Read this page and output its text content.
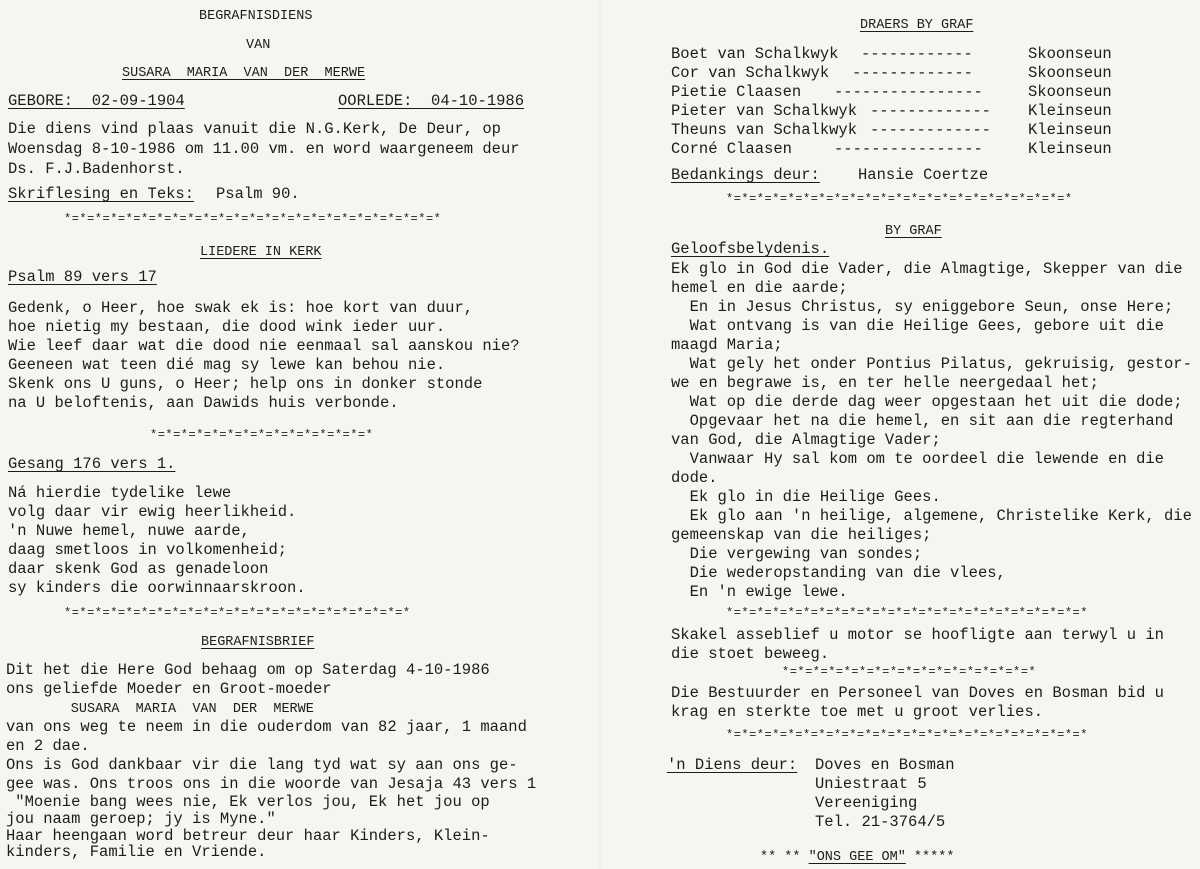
BEGRAFNISDIENS
VAN
SUSARA  MARIA  VAN  DER  MERWE
GEBORE:  02-09-1904	OORLEDE:  04-10-1986
Die diens vind plaas vanuit die N.G.Kerk, De Deur, op
Woensdag 8-10-1986 om 11.00 vm. en word waargeneem deur
Ds. F.J.Badenhorst.
Skriflesing en Teks: Psalm 90.
*=*=*=*=*=*=*=*=*=*=*=*=*=*=*=*=*=*=*=*=*=*=*=*=*
LIEDERE IN KERK
Psalm 89 vers 17
Gedenk, o Heer, hoe swak ek is: hoe kort van duur,
hoe nietig my bestaan, die dood wink ieder uur.
Wie leef daar wat die dood nie eenmaal sal aanskou nie?
Geeneen wat teen dié mag sy lewe kan behou nie.
Skenk ons U guns, o Heer; help ons in donker stonde
na U beloftenis, aan Dawids huis verbonde.
*=*=*=*=*=*=*=*=*=*=*=*=*=*=*
Gesang 176 vers 1.
Ná hierdie tydelike lewe
volg daar vir ewig heerlikheid.
'n Nuwe hemel, nuwe aarde,
daag smetloos in volkomenheid;
daar skenk God as genadeloon
sy kinders die oorwinnaarskroon.
*=*=*=*=*=*=*=*=*=*=*=*=*=*=*=*=*=*=*=*=*=*=*
BEGRAFNISBRIEF
Dit het die Here God behaag om op Saterdag 4-10-1986
ons geliefde Moeder en Groot-moeder
SUSARA  MARIA  VAN  DER  MERWE
van ons weg te neem in die ouderdom van 82 jaar, 1 maand
en 2 dae.
Ons is God dankbaar vir die lang tyd wat sy aan ons ge-
gee was. Ons troos ons in die woorde van Jesaja 43 vers 1
"Moenie bang wees nie, Ek verlos jou, Ek het jou op
jou naam geroep; jy is Myne."
Haar heengaan word betreur deur haar Kinders, Klein-
kinders, Familie en Vriende.
DRAERS BY GRAF
Boet van Schalkwyk ------------	Skoonseun
Cor van Schalkwyk -------------	Skoonseun
Pietie Claasen ----------------	Skoonseun
Pieter van Schalkwyk ------------- Kleinseun
Theuns van Schalkwyk ------------- Kleinseun
Corné Claasen	----------------	Kleinseun
Bedankings deur: Hansie Coertze
*=*=*=*=*=*=*=*=*=*=*=*=*=*=*=*=*=*=*=*=*=*=*
BY GRAF
Geloofsbelydenis.
Ek glo in God die Vader, die Almagtige, Skepper van die
hemel en die aarde;
En in Jesus Christus, sy eniggebore Seun, onse Here;
Wat ontvang is van die Heilige Gees, gebore uit die
maagd Maria;
Wat gely het onder Pontius Pilatus, gekruisig, gestor-
we en begrawe is, en ter helle neergedaal het;
Wat op die derde dag weer opgestaan het uit die dode;
Opgevaar het na die hemel, en sit aan die regterhand
van God, die Almagtige Vader;
Vanwaar Hy sal kom om te oordeel die lewende en die
dode.
Ek glo in die Heilige Gees.
Ek glo aan 'n heilige, algemene, Christelike Kerk, die
gemeenskap van die heiliges;
Die vergewing van sondes;
Die wederopstanding van die vlees,
En 'n ewige lewe.
*=*=*=*=*=*=*=*=*=*=*=*=*=*=*=*=*=*=*=*=*=*=*=*
Skakel asseblief u motor se hoofligte aan terwyl u in
die stoet beweeg.
*=*=*=*=*=*=*=*=*=*=*=*=*=*=*=*=*
Die Bestuurder en Personeel van Doves en Bosman bid u
krag en sterkte toe met u groot verlies.
*=*=*=*=*=*=*=*=*=*=*=*=*=*=*=*=*=*=*=*=*=*=*=*
'n Diens deur: Doves en Bosman
Uniestraat 5
Vereeniging
Tel. 21-3764/5
** ** "ONS GEE OM" *****
